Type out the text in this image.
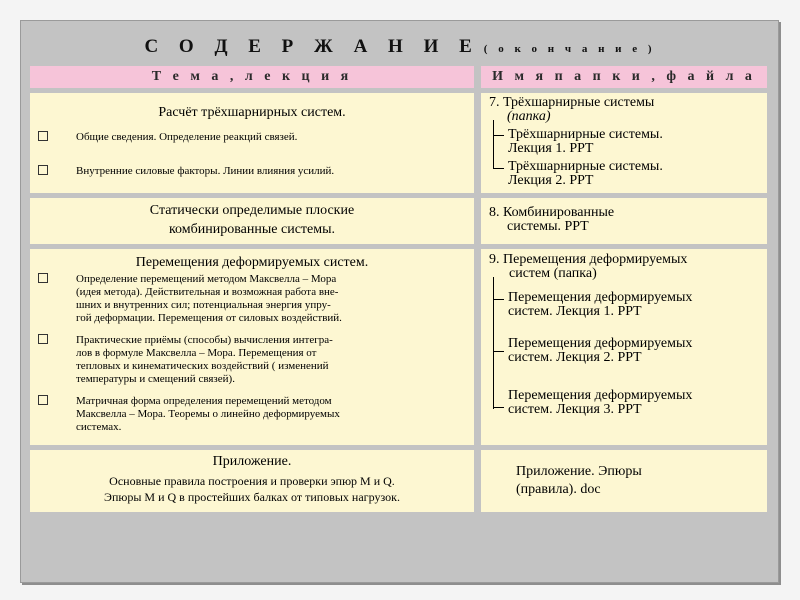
С О Д Е Р Ж А Н И Е ( о к о н ч а н и е )
Т е м а , л е к ц и я	И м я п а п к и , ф а й л а
Расчёт трёхшарнирных систем.
Общие сведения. Определение реакций связей.
Внутренние силовые факторы. Линии влияния усилий.
7. Трёхшарнирные системы
(папка)
Трёхшарнирные системы.
Лекция 1. PPT
Трёхшарнирные системы.
Лекция 2. PPT
Статически определимые плоские
комбинированные системы.
8. Комбинированные
системы. PPT
Перемещения деформируемых систем.
Определение перемещений методом Максвелла – Мора
(идея метода). Действительная и возможная работа вне-
шних и внутренних сил; потенциальная энергия упру-
гой деформации. Перемещения от силовых воздействий.
Практические приёмы (способы) вычисления интегра-
лов в формуле Максвелла – Мора. Перемещения от
тепловых и кинематических воздействий ( изменений
температуры и смещений связей).
Матричная форма определения перемещений методом
Максвелла – Мора. Теоремы о линейно деформируемых
системах.
9. Перемещения деформируемых
систем (папка)
Перемещения деформируемых
систем. Лекция 1. PPT
Перемещения деформируемых
систем. Лекция 2. PPT
Перемещения деформируемых
систем. Лекция 3. PPT
Приложение.
Основные правила построения и проверки эпюр M и Q.
Эпюры M и Q в простейших балках от типовых нагрузок.
Приложение. Эпюры
(правила). doc
